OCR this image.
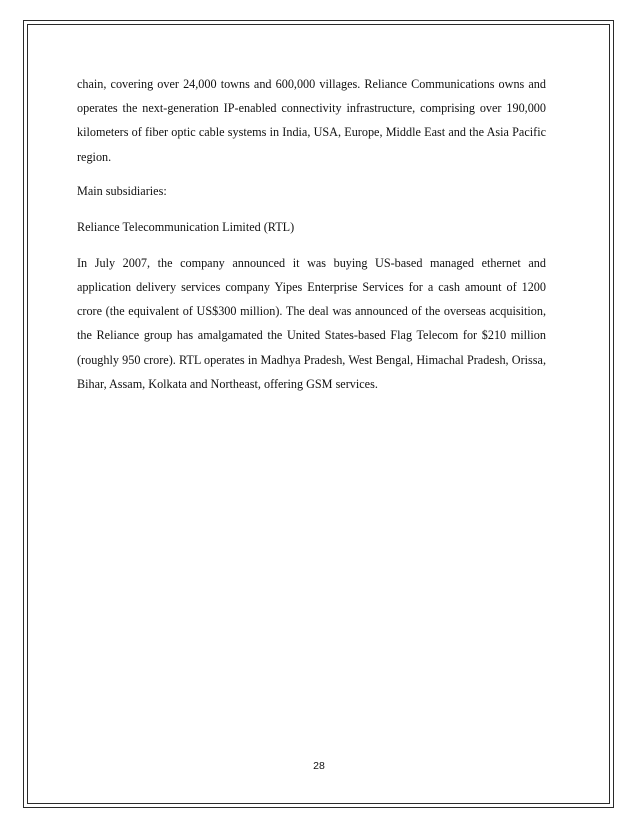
chain, covering over 24,000 towns and 600,000 villages. Reliance Communications owns and operates the next-generation IP-enabled connectivity infrastructure, comprising over 190,000 kilometers of fiber optic cable systems in India, USA, Europe, Middle East and the Asia Pacific region.

Main subsidiaries:

Reliance Telecommunication Limited (RTL)

In July 2007, the company announced it was buying US-based managed ethernet and application delivery services company Yipes Enterprise Services for a cash amount of 1200 crore (the equivalent of US$300 million). The deal was announced of the overseas acquisition, the Reliance group has amalgamated the United States-based Flag Telecom for $210 million (roughly 950 crore). RTL operates in Madhya Pradesh, West Bengal, Himachal Pradesh, Orissa, Bihar, Assam, Kolkata and Northeast, offering GSM services.

28
